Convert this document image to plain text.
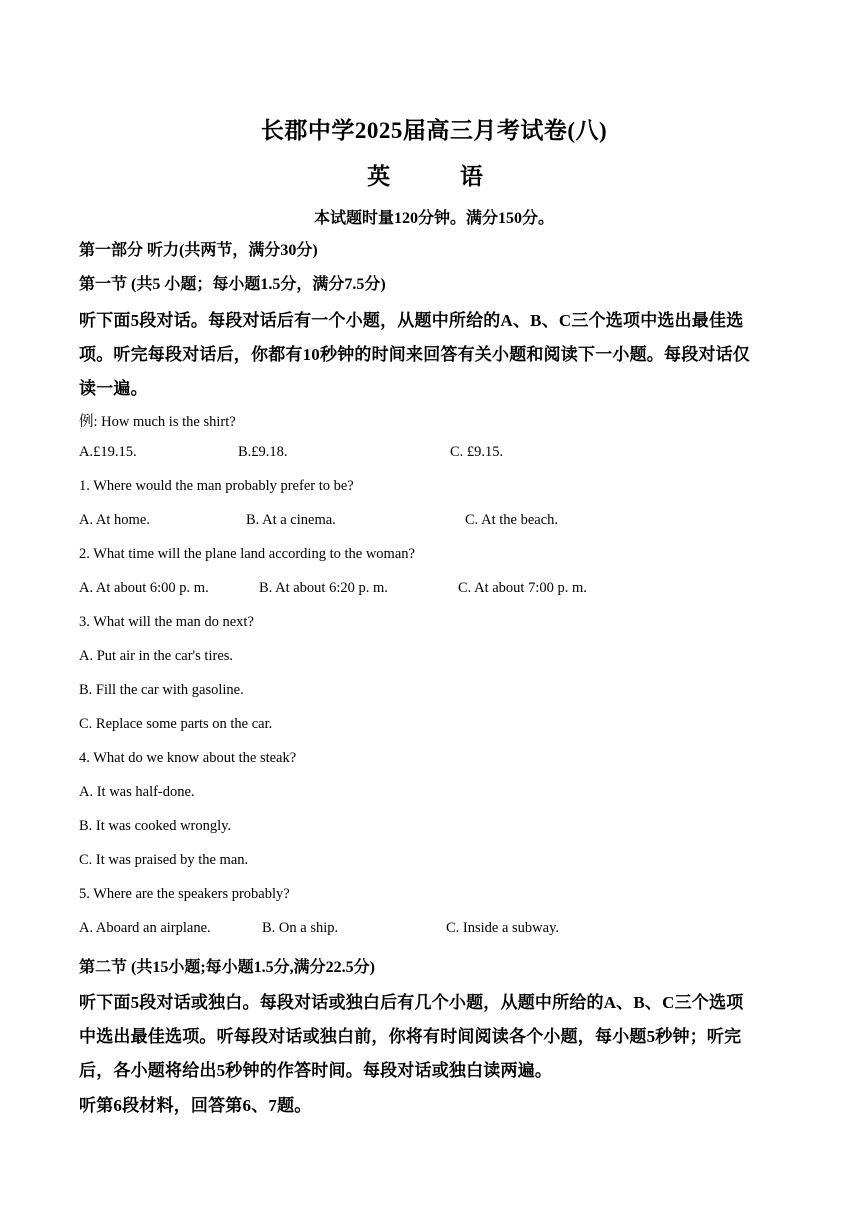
长郡中学2025届高三月考试卷(八)
英 语
本试题时量120分钟。满分150分。
第一部分 听力(共两节，满分30分)
第一节 (共5 小题；每小题1.5分，满分7.5分)
听下面5段对话。每段对话后有一个小题，从题中所给的A、B、C三个选项中选出最佳选
项。听完每段对话后，你都有10秒钟的时间来回答有关小题和阅读下一小题。每段对话仅
读一遍。
例: How much is the shirt?
A.£19.15.	B.£9.18.	C. £9.15.
1. Where would the man probably prefer to be?
A. At home.	B. At a cinema.	C. At the beach.
2. What time will the plane land according to the woman?
A. At about 6:00 p. m.	B. At about 6:20 p. m.	C. At about 7:00 p. m.
3. What will the man do next?
A. Put air in the car's tires.
B. Fill the car with gasoline.
C. Replace some parts on the car.
4. What do we know about the steak?
A. It was half-done.
B. It was cooked wrongly.
C. It was praised by the man.
5. Where are the speakers probably?
A. Aboard an airplane.	B. On a ship.	C. Inside a subway.
第二节 (共15小题;每小题1.5分,满分22.5分)
听下面5段对话或独白。每段对话或独白后有几个小题，从题中所给的A、B、C三个选项
中选出最佳选项。听每段对话或独白前，你将有时间阅读各个小题，每小题5秒钟；听完
后，各小题将给出5秒钟的作答时间。每段对话或独白读两遍。
听第6段材料，回答第6、7题。
